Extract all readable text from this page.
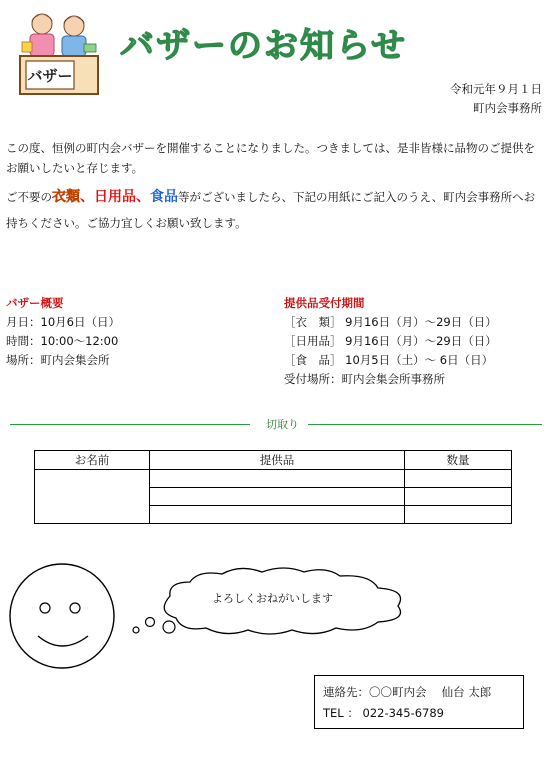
バザー
バザーのお知らせ
令和元年９月１日
町内会事務所
この度、恒例の町内会バザーを開催することになりました。つきましては、是非皆様に品物のご提供をお願いしたいと存じます。
ご不要の衣類、日用品、食品等がございましたら、下記の用紙にご記入のうえ、町内会事務所へお持ちください。ご協力宜しくお願い致します。
バザー概要
月日：10月6日（日）
時間：10:00～12:00
場所：町内会集会所
提供品受付期間
［衣　類］ 9月16日（月）～29日（日）
［日用品］ 9月16日（月）～29日（日）
［食　品］ 10月5日（土）～ 6日（日）
受付場所：町内会集会所事務所
切取り
お名前	提供品	数量

よろしくおねがいします
連絡先：〇〇町内会　 仙台 太郎
TEL ： 022-345-6789
